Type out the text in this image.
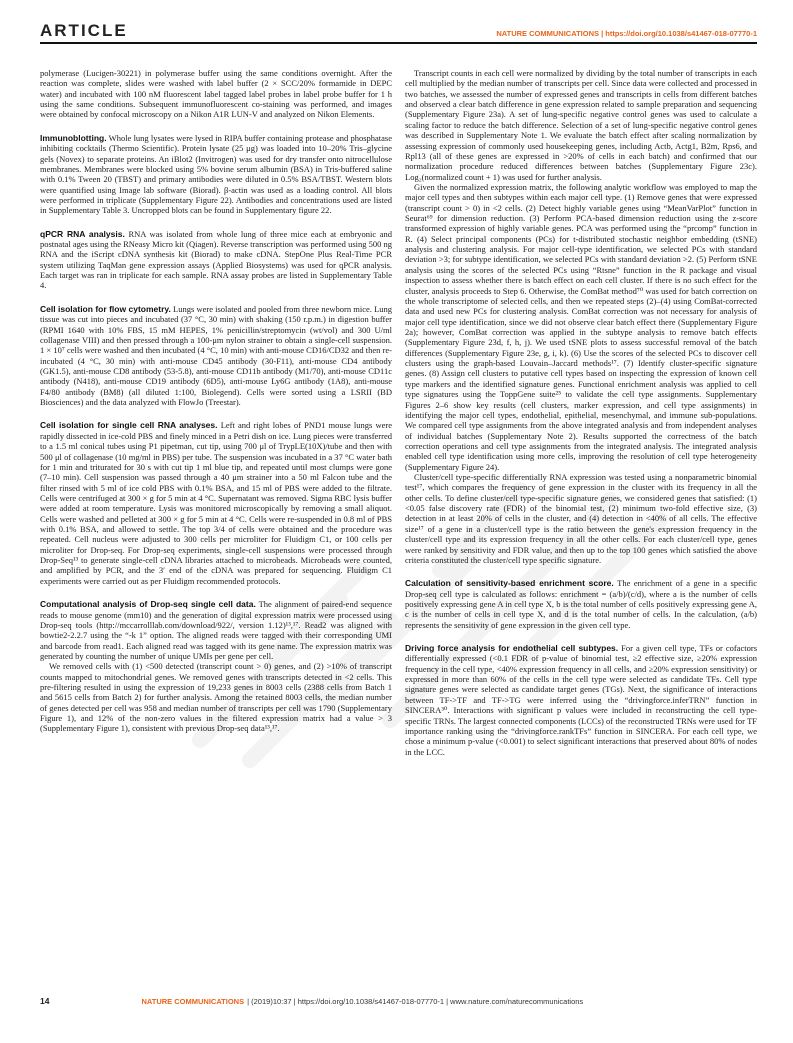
ARTICLE	NATURE COMMUNICATIONS | https://doi.org/10.1038/s41467-018-07770-1

polymerase (Lucigen-30221) in polymerase buffer using the same conditions overnight. After the reaction was complete, slides were washed with label buffer (2 × SCC/20% formamide in DEPC water) and incubated with 100 nM fluorescent label tagged label probes in label probe buffer for 1 h using the same conditions. Subsequent immunofluorescent co-staining was performed, and images were obtained by confocal microscopy on a Nikon A1R LUN-V and analyzed on Nikon Elements.

Immunoblotting. Whole lung lysates were lysed in RIPA buffer containing protease and phosphatase inhibiting cocktails (Thermo Scientific). Protein lysate (25 μg) was loaded into 10–20% Tris–glycine gels (Novex) to separate proteins. An iBlot2 (Invitrogen) was used for dry transfer onto nitrocellulose membranes. Membranes were blocked using 5% bovine serum albumin (BSA) in Tris-buffered saline with 0.1% Tween 20 (TBST) and primary antibodies were diluted in 0.5% BSA/TBST. Western blots were quantified using Image lab software (Biorad). β-actin was used as a loading control. All blots were performed in triplicate (Supplementary Figure 22). Antibodies and concentrations used are listed in Supplementary Table 3. Uncropped blots can be found in Supplementary figure 22.

qPCR RNA analysis. RNA was isolated from whole lung of three mice each at embryonic and postnatal ages using the RNeasy Micro kit (Qiagen). Reverse transcription was performed using 500 ng RNA and the iScript cDNA synthesis kit (Biorad) to make cDNA. StepOne Plus Real-Time PCR system utilizing TaqMan gene expression assays (Applied Biosystems) was used for qPCR analysis. Each target was ran in triplicate for each sample. RNA assay probes are listed in Supplementary Table 4.

Cell isolation for flow cytometry. Lungs were isolated and pooled from three newborn mice. Lung tissue was cut into pieces and incubated (37 °C, 30 min) with shaking (150 r.p.m.) in digestion buffer (RPMI 1640 with 10% FBS, 15 mM HEPES, 1% penicillin/streptomycin (wt/vol) and 300 U/ml collagenase VIII) and then pressed through a 100-μm nylon strainer to obtain a single-cell suspension. 1 × 10⁷ cells were washed and then incubated (4 °C, 10 min) with anti-mouse CD16/CD32 and then re-incubated (4 °C, 30 min) with anti-mouse CD45 antibody (30-F11), anti-mouse CD4 antibody (GK1.5), anti-mouse CD8 antibody (53-5.8), anti-mouse CD11b antibody (M1/70), anti-mouse CD11c antibody (N418), anti-mouse CD19 antibody (6D5), anti-mouse Ly6G antibody (1A8), anti-mouse F4/80 antibody (BM8) (all diluted 1:100, Biolegend). Cells were sorted using a LSRII (BD Biosciences) and the data analyzed with FlowJo (Treestar).

Cell isolation for single cell RNA analyses. Left and right lobes of PND1 mouse lungs were rapidly dissected in ice-cold PBS and finely minced in a Petri dish on ice. Lung pieces were transferred to a 1.5 ml conical tubes using P1 pipetman, cut tip, using 700 μl of TrypLE(10X)/tube and then with 500 μl of collagenase (10 mg/ml in PBS) per tube. The suspension was incubated in a 37 °C water bath for 1 min and triturated for 30 s with cut tip 1 ml blue tip, and repeated until most clumps were gone (7–10 min). Cell suspension was passed through a 40 μm strainer into a 50 ml Falcon tube and the filter rinsed with 5 ml of ice cold PBS with 0.1% BSA, and 15 ml of PBS were added to the filtrate. Cells were centrifuged at 300 × g for 5 min at 4 °C. Supernatant was removed. Sigma RBC lysis buffer were added at room temperature. Lysis was monitored microscopically by removing a small aliquot. Cells were washed and pelleted at 300 × g for 5 min at 4 °C. Cells were re-suspended in 0.8 ml of PBS with 0.1% BSA, and allowed to settle. The top 3/4 of cells were obtained and the procedure was repeated. Cell nucleus were adjusted to 300 cells per microliter for Fluidigm C1, or 100 cells per microliter for Drop-seq. For Drop-seq experiments, single-cell suspensions were processed through Drop-Seq¹³ to generate single-cell cDNA libraries attached to microbeads. Microbeads were counted, and amplified by PCR, and the 3′ end of the cDNA was prepared for sequencing. Fluidigm C1 experiments were carried out as per Fluidigm recommended protocols.

Computational analysis of Drop-seq single cell data. The alignment of paired-end sequence reads to mouse genome (mm10) and the generation of digital expression matrix were processed using Drop-seq tools (http://mccarrolllab.com/download/922/, version 1.12)¹³,¹⁷. Read2 was aligned with bowtie2-2.2.7 using the “-k 1” option. The aligned reads were tagged with their corresponding UMI and barcode from read1. Each aligned read was tagged with its gene name. The expression matrix was generated by counting the number of unique UMIs per gene per cell.

We removed cells with (1) <500 detected (transcript count > 0) genes, and (2) >10% of transcript counts mapped to mitochondrial genes. We removed genes with transcripts detected in <2 cells. This pre-filtering resulted in using the expression of 19,233 genes in 8003 cells (2388 cells from Batch 1 and 5615 cells from Batch 2) for further analysis. Among the retained 8003 cells, the median number of genes detected per cell was 958 and median number of transcripts per cell was 1790 (Supplementary Figure 1), and 12% of the non-zero values in the filtered expression matrix had a value > 3 (Supplementary Figure 1), consistent with previous Drop-seq data¹³,¹⁷.

Transcript counts in each cell were normalized by dividing by the total number of transcripts in each cell multiplied by the median number of transcripts per cell. Since data were collected and processed in two batches, we assessed the number of expressed genes and transcripts in cells from different batches and observed a clear batch difference in gene expression related to sample preparation and sequencing (Supplementary Figure 23a). A set of lung-specific negative control genes was used to calculate a scaling factor to reduce the batch difference. Selection of a set of lung-specific negative control genes was described in Supplementary Note 1. We evaluate the batch effect after scaling normalization by assessing expression of commonly used housekeeping genes, including Actb, Actg1, B2m, Rps6, and Rpl13 (all of these genes are expressed in >20% of cells in each batch) and confirmed that our normalization procedure reduced differences between batches (Supplementary Figure 23c). Log₂(normalized count + 1) was used for further analysis.

Given the normalized expression matrix, the following analytic workflow was employed to map the major cell types and then subtypes within each major cell type. (1) Remove genes that were expressed (transcript count > 0) in <2 cells. (2) Detect highly variable genes using “MeanVarPlot” function in Seurat⁶⁹ for dimension reduction. (3) Perform PCA-based dimension reduction using the z-score transformed expression of highly variable genes. PCA was performed using the “prcomp” function in R. (4) Select principal components (PCs) for t-distributed stochastic neighbor embedding (tSNE) analysis and clustering analysis. For major cell-type identification, we selected PCs with standard deviation >3; for subtype identification, we selected PCs with standard deviation >2. (5) Perform tSNE analysis using the scores of the selected PCs using “Rtsne” function in the R package and visual inspection to assess whether there is batch effect on each cell cluster. If there is no such effect for the cluster, analysis proceeds to Step 6. Otherwise, the ComBat method⁷⁰ was used for batch correction on the whole transcriptome of selected cells, and then we repeated steps (2)–(4) using ComBat-corrected data and used new PCs for clustering analysis. ComBat correction was not necessary for analysis of major cell type identification, since we did not observe clear batch effect there (Supplementary Figure 2a); however, ComBat correction was applied in the subtype analysis to remove batch effects (Supplementary Figure 23d, f, h, j). We used tSNE plots to assess successful removal of the batch differences (Supplementary Figure 23e, g, i, k). (6) Use the scores of the selected PCs to discover cell clusters using the graph-based Louvain–Jaccard methods¹⁷. (7) Identify cluster-specific signature genes. (8) Assign cell clusters to putative cell types based on inspecting the expression of known cell type markers and the identified signature genes. Functional enrichment analysis was applied to cell type signatures using the ToppGene suite²⁵ to validate the cell type assignments. Supplementary Figures 2–6 show key results (cell clusters, marker expression, and cell type assignments) in identifying the major cell types, endothelial, epithelial, mesenchymal, and immune sub-populations. We compared cell type assignments from the above integrated analysis and from independent analyses of individual batches (Supplementary Note 2). Results supported the correctness of the batch correction operations and cell type assignments from the integrated analysis. The integrated analysis enabled cell type identification using more cells, improving the resolution of cell type heterogeneity (Supplementary Figure 24).

Cluster/cell type-specific differentially RNA expression was tested using a nonparametric binomial test¹⁷, which compares the frequency of gene expression in the cluster with its frequency in all the other cells. To define cluster/cell type-specific signature genes, we considered genes that satisfied: (1) <0.05 false discovery rate (FDR) of the binomial test, (2) minimum two-fold effective size, (3) detection in at least 20% of cells in the cluster, and (4) detection in <40% of all cells. The effective size¹⁷ of a gene in a cluster/cell type is the ratio between the gene's expression frequency in the cluster/cell type and its expression frequency in all the other cells. For each cluster/cell type, genes were ranked by sensitivity and FDR value, and then up to the top 100 genes which satisfied the above criteria constituted the cluster/cell type specific signature.

Calculation of sensitivity-based enrichment score. The enrichment of a gene in a specific Drop-seq cell type is calculated as follows: enrichment = (a/b)/(c/d), where a is the number of cells positively expressing gene A in cell type X, b is the total number of cells positively expressing gene A, c is the number of cells in cell type X, and d is the total number of cells. In the calculation, (a/b) represents the sensitivity of gene expression in the given cell type.

Driving force analysis for endothelial cell subtypes. For a given cell type, TFs or cofactors differentially expressed (<0.1 FDR of p-value of binomial test, ≥2 effective size, ≥20% expression frequency in the cell type, <40% expression frequency in all cells, and ≥20% expression sensitivity) or expressed in more than 60% of the cells in the cell type were selected as candidate TFs. Cell type signature genes were selected as candidate target genes (TGs). Next, the significance of interactions between TF->TF and TF->TG were inferred using the “drivingforce.inferTRN” function in SINCERA³⁰. Interactions with significant p values were included in reconstructing the cell type-specific TRNs. The largest connected components (LCCs) of the reconstructed TRNs were used for TF importance ranking using the “drivingforce.rankTFs” function in SINCERA. For each cell type, we chose a minimum p-value (<0.001) to select significant interactions that preserved about 80% of nodes in the LCC.

14	NATURE COMMUNICATIONS | (2019)10:37 | https://doi.org/10.1038/s41467-018-07770-1 | www.nature.com/naturecommunications
